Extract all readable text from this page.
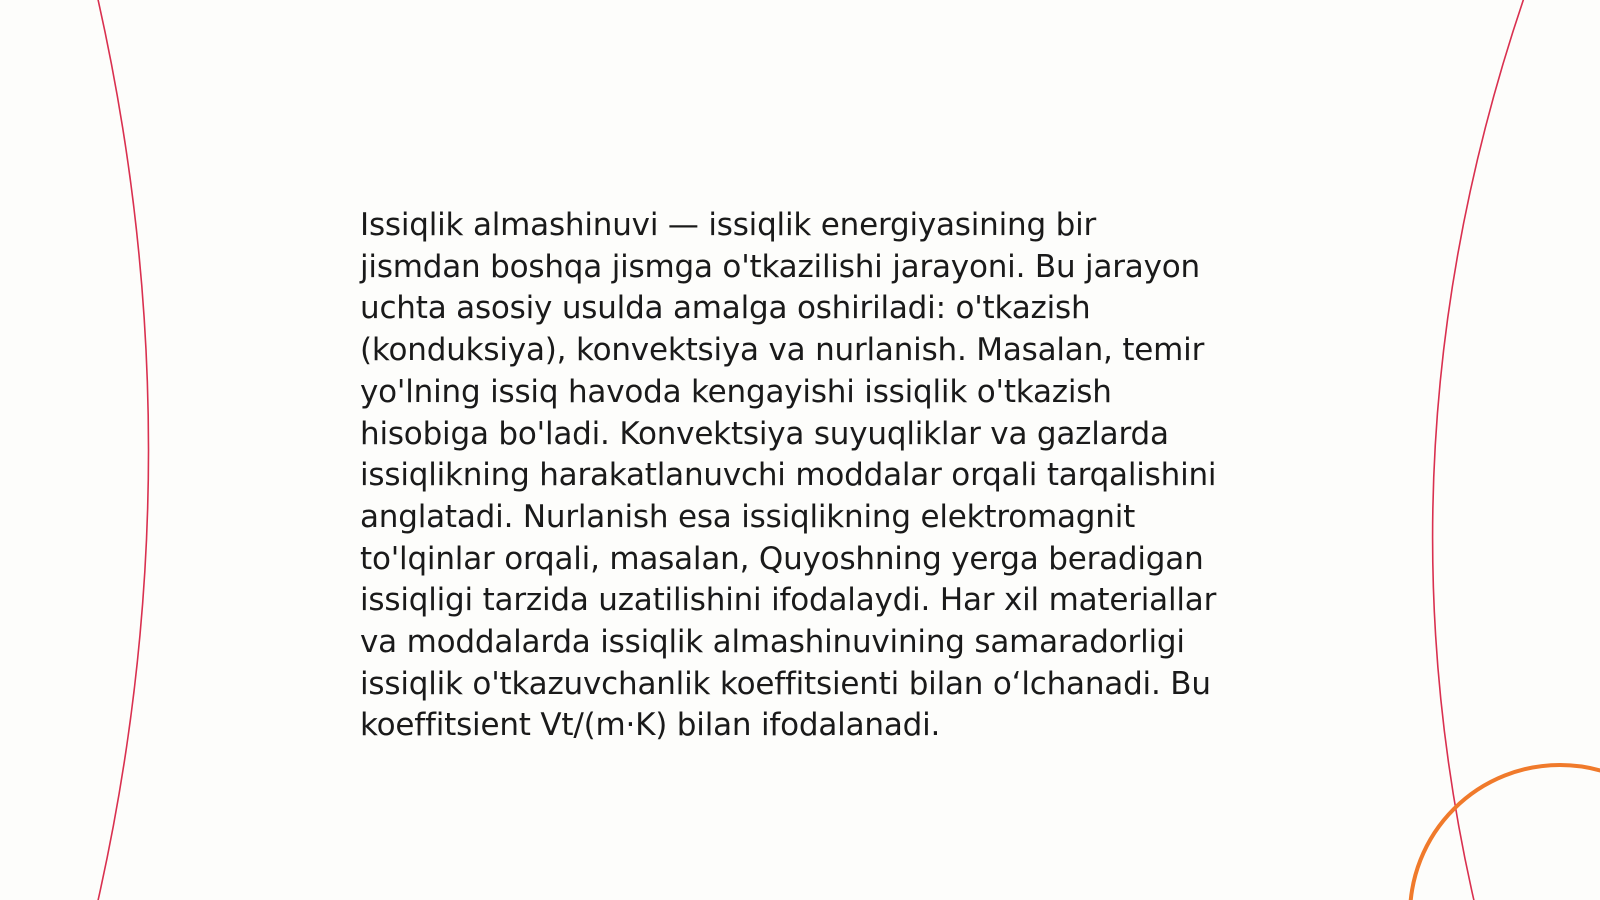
Issiqlik almashinuvi — issiqlik energiyasining bir jismdan boshqa jismga o'tkazilishi jarayoni. Bu jarayon uchta asosiy usulda amalga oshiriladi: o'tkazish (konduksiya), konvektsiya va nurlanish. Masalan, temir yo'lning issiq havoda kengayishi issiqlik o'tkazish hisobiga bo'ladi. Konvektsiya suyuqliklar va gazlarda issiqlikning harakatlanuvchi moddalar orqali tarqalishini anglatadi. Nurlanish esa issiqlikning elektromagnit to'lqinlar orqali, masalan, Quyoshning yerga beradigan issiqligi tarzida uzatilishini ifodalaydi. Har xil materiallar va moddalarda issiqlik almashinuvining samaradorligi issiqlik o'tkazuvchanlik koeffitsienti bilan oʻlchanadi. Bu koeffitsient Vt/(m·K) bilan ifodalanadi.
